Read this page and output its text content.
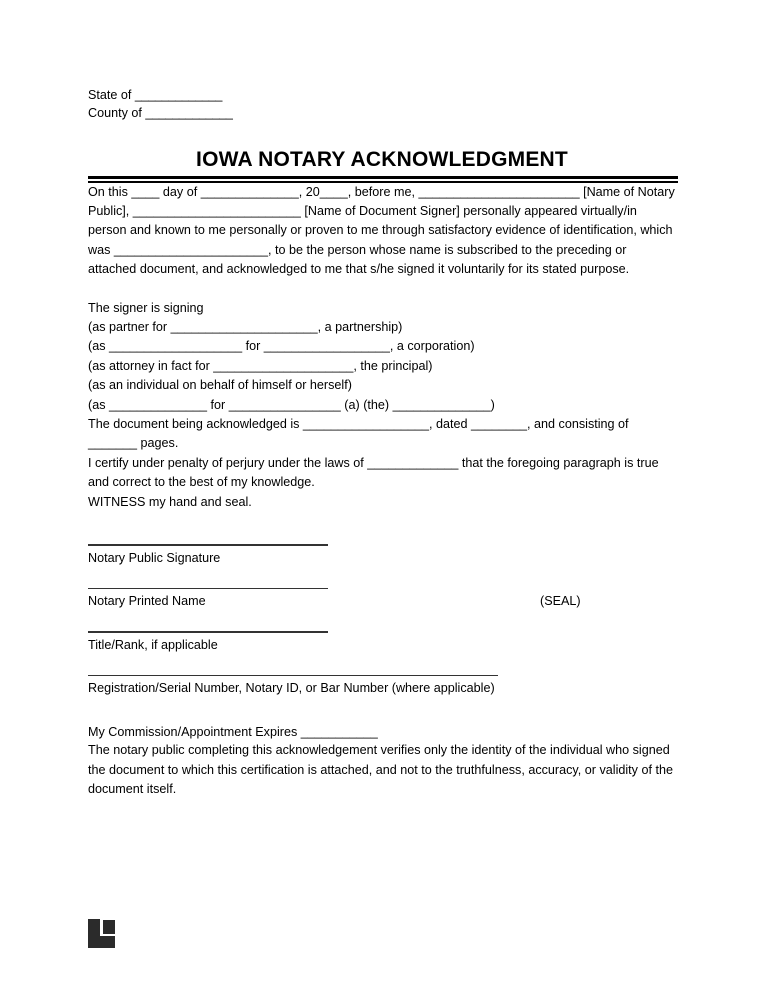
State of _____________
County of _____________
IOWA NOTARY ACKNOWLEDGMENT

On this ____ day of ______________, 20____, before me, _______________________ [Name of Notary Public], ________________________ [Name of Document Signer] personally appeared virtually/in person and known to me personally or proven to me through satisfactory evidence of identification, which was ______________________, to be the person whose name is subscribed to the preceding or attached document, and acknowledged to me that s/he signed it voluntarily for its stated purpose.

The signer is signing
(as partner for _____________________, a partnership)
(as ___________________ for __________________, a corporation)
(as attorney in fact for ____________________, the principal)
(as an individual on behalf of himself or herself)
(as ______________ for ________________ (a) (the) ______________)

The document being acknowledged is __________________, dated ________, and consisting of _______ pages.

I certify under penalty of perjury under the laws of _____________ that the foregoing paragraph is true and correct to the best of my knowledge.

WITNESS my hand and seal.

Notary Public Signature
Notary Printed Name	(SEAL)
Title/Rank, if applicable
Registration/Serial Number, Notary ID, or Bar Number (where applicable)
My Commission/Appointment Expires ___________

The notary public completing this acknowledgement verifies only the identity of the individual who signed the document to which this certification is attached, and not to the truthfulness, accuracy, or validity of the document itself.
